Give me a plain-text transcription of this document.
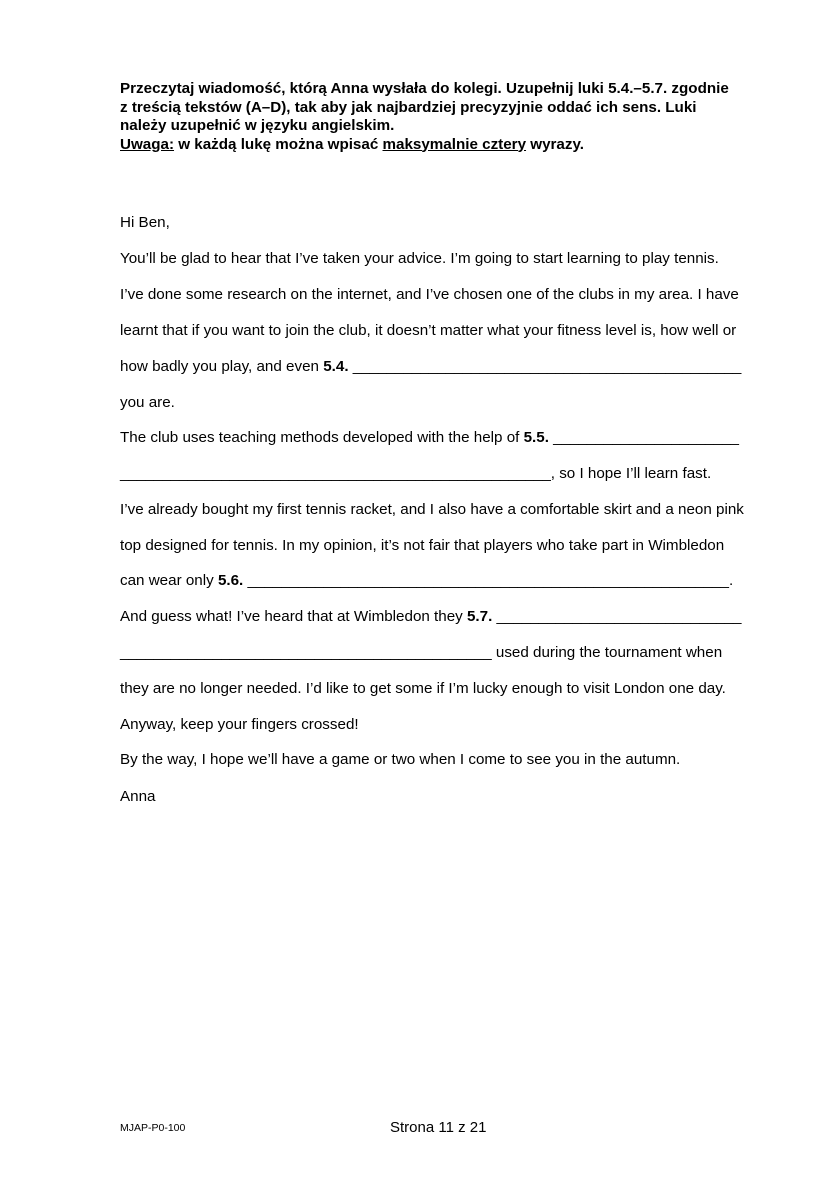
Przeczytaj wiadomość, którą Anna wysłała do kolegi. Uzupełnij luki 5.4.–5.7. zgodnie
z treścią tekstów (A–D), tak aby jak najbardziej precyzyjnie oddać ich sens. Luki
należy uzupełnić w języku angielskim.
Uwaga: w każdą lukę można wpisać maksymalnie cztery wyrazy.
Hi Ben,
You’ll be glad to hear that I’ve taken your advice. I’m going to start learning to play tennis.
I’ve done some research on the internet, and I’ve chosen one of the clubs in my area. I have
learnt that if you want to join the club, it doesn’t matter what your fitness level is, how well or
how badly you play, and even 5.4. ______________________________________________
you are.
The club uses teaching methods developed with the help of 5.5. ______________________
___________________________________________________, so I hope I’ll learn fast.
I’ve already bought my first tennis racket, and I also have a comfortable skirt and a neon pink
top designed for tennis. In my opinion, it’s not fair that players who take part in Wimbledon
can wear only 5.6. _________________________________________________________.
And guess what! I’ve heard that at Wimbledon they 5.7. _____________________________
____________________________________________ used during the tournament when
they are no longer needed. I’d like to get some if I’m lucky enough to visit London one day.
Anyway, keep your fingers crossed!
By the way, I hope we’ll have a game or two when I come to see you in the autumn.
Anna
MJAP-P0-100	Strona 11 z 21
